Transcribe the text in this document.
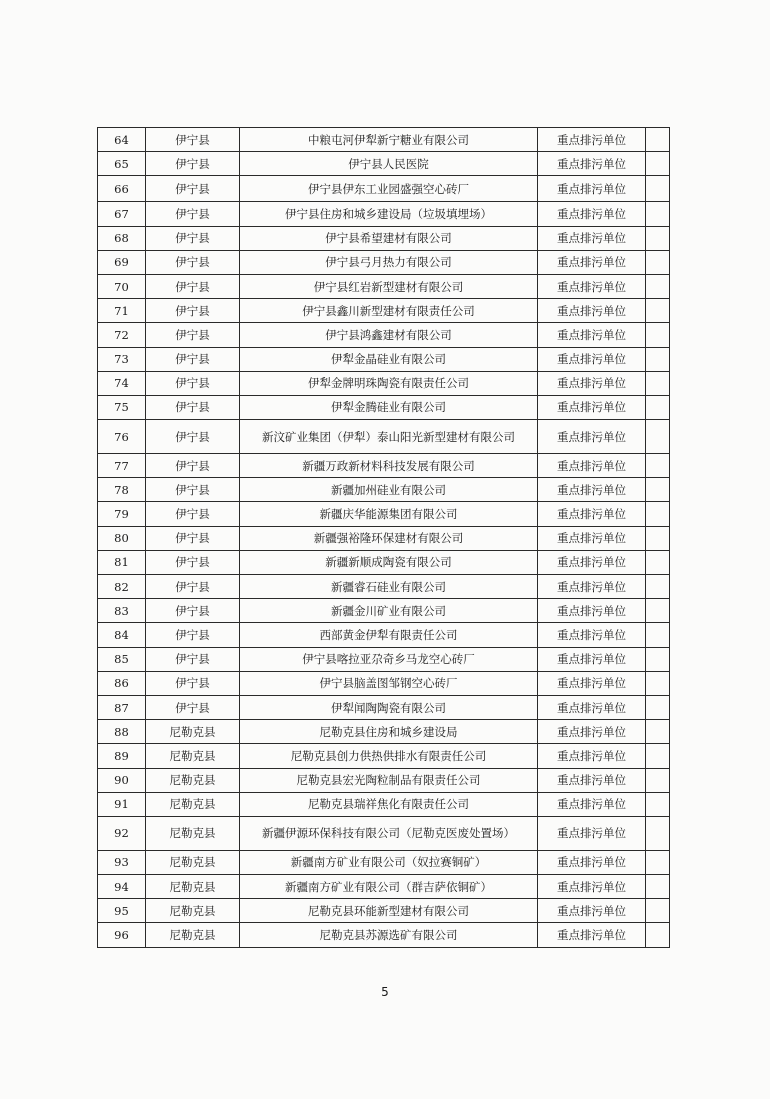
64	伊宁县	中粮屯河伊犁新宁糖业有限公司	重点排污单位	
65	伊宁县	伊宁县人民医院	重点排污单位	
66	伊宁县	伊宁县伊东工业园盛强空心砖厂	重点排污单位	
67	伊宁县	伊宁县住房和城乡建设局（垃圾填埋场）	重点排污单位	
68	伊宁县	伊宁县希望建材有限公司	重点排污单位	
69	伊宁县	伊宁县弓月热力有限公司	重点排污单位	
70	伊宁县	伊宁县红岩新型建材有限公司	重点排污单位	
71	伊宁县	伊宁县鑫川新型建材有限责任公司	重点排污单位	
72	伊宁县	伊宁县鸿鑫建材有限公司	重点排污单位	
73	伊宁县	伊犁金晶硅业有限公司	重点排污单位	
74	伊宁县	伊犁金牌明珠陶瓷有限责任公司	重点排污单位	
75	伊宁县	伊犁金腾硅业有限公司	重点排污单位	
76	伊宁县	新汶矿业集团（伊犁）泰山阳光新型建材有限公司	重点排污单位	
77	伊宁县	新疆万政新材料科技发展有限公司	重点排污单位	
78	伊宁县	新疆加州硅业有限公司	重点排污单位	
79	伊宁县	新疆庆华能源集团有限公司	重点排污单位	
80	伊宁县	新疆强裕隆环保建材有限公司	重点排污单位	
81	伊宁县	新疆新顺成陶瓷有限公司	重点排污单位	
82	伊宁县	新疆睿石硅业有限公司	重点排污单位	
83	伊宁县	新疆金川矿业有限公司	重点排污单位	
84	伊宁县	西部黄金伊犁有限责任公司	重点排污单位	
85	伊宁县	伊宁县喀拉亚尕奇乡马龙空心砖厂	重点排污单位	
86	伊宁县	伊宁县脑盖图邹钢空心砖厂	重点排污单位	
87	伊宁县	伊犁闻陶陶瓷有限公司	重点排污单位	
88	尼勒克县	尼勒克县住房和城乡建设局	重点排污单位	
89	尼勒克县	尼勒克县创力供热供排水有限责任公司	重点排污单位	
90	尼勒克县	尼勒克县宏光陶粒制品有限责任公司	重点排污单位	
91	尼勒克县	尼勒克县瑞祥焦化有限责任公司	重点排污单位	
92	尼勒克县	新疆伊源环保科技有限公司（尼勒克医废处置场）	重点排污单位	
93	尼勒克县	新疆南方矿业有限公司（奴拉赛铜矿）	重点排污单位	
94	尼勒克县	新疆南方矿业有限公司（群吉萨依铜矿）	重点排污单位	
95	尼勒克县	尼勒克县环能新型建材有限公司	重点排污单位	
96	尼勒克县	尼勒克县苏源选矿有限公司	重点排污单位	
5
